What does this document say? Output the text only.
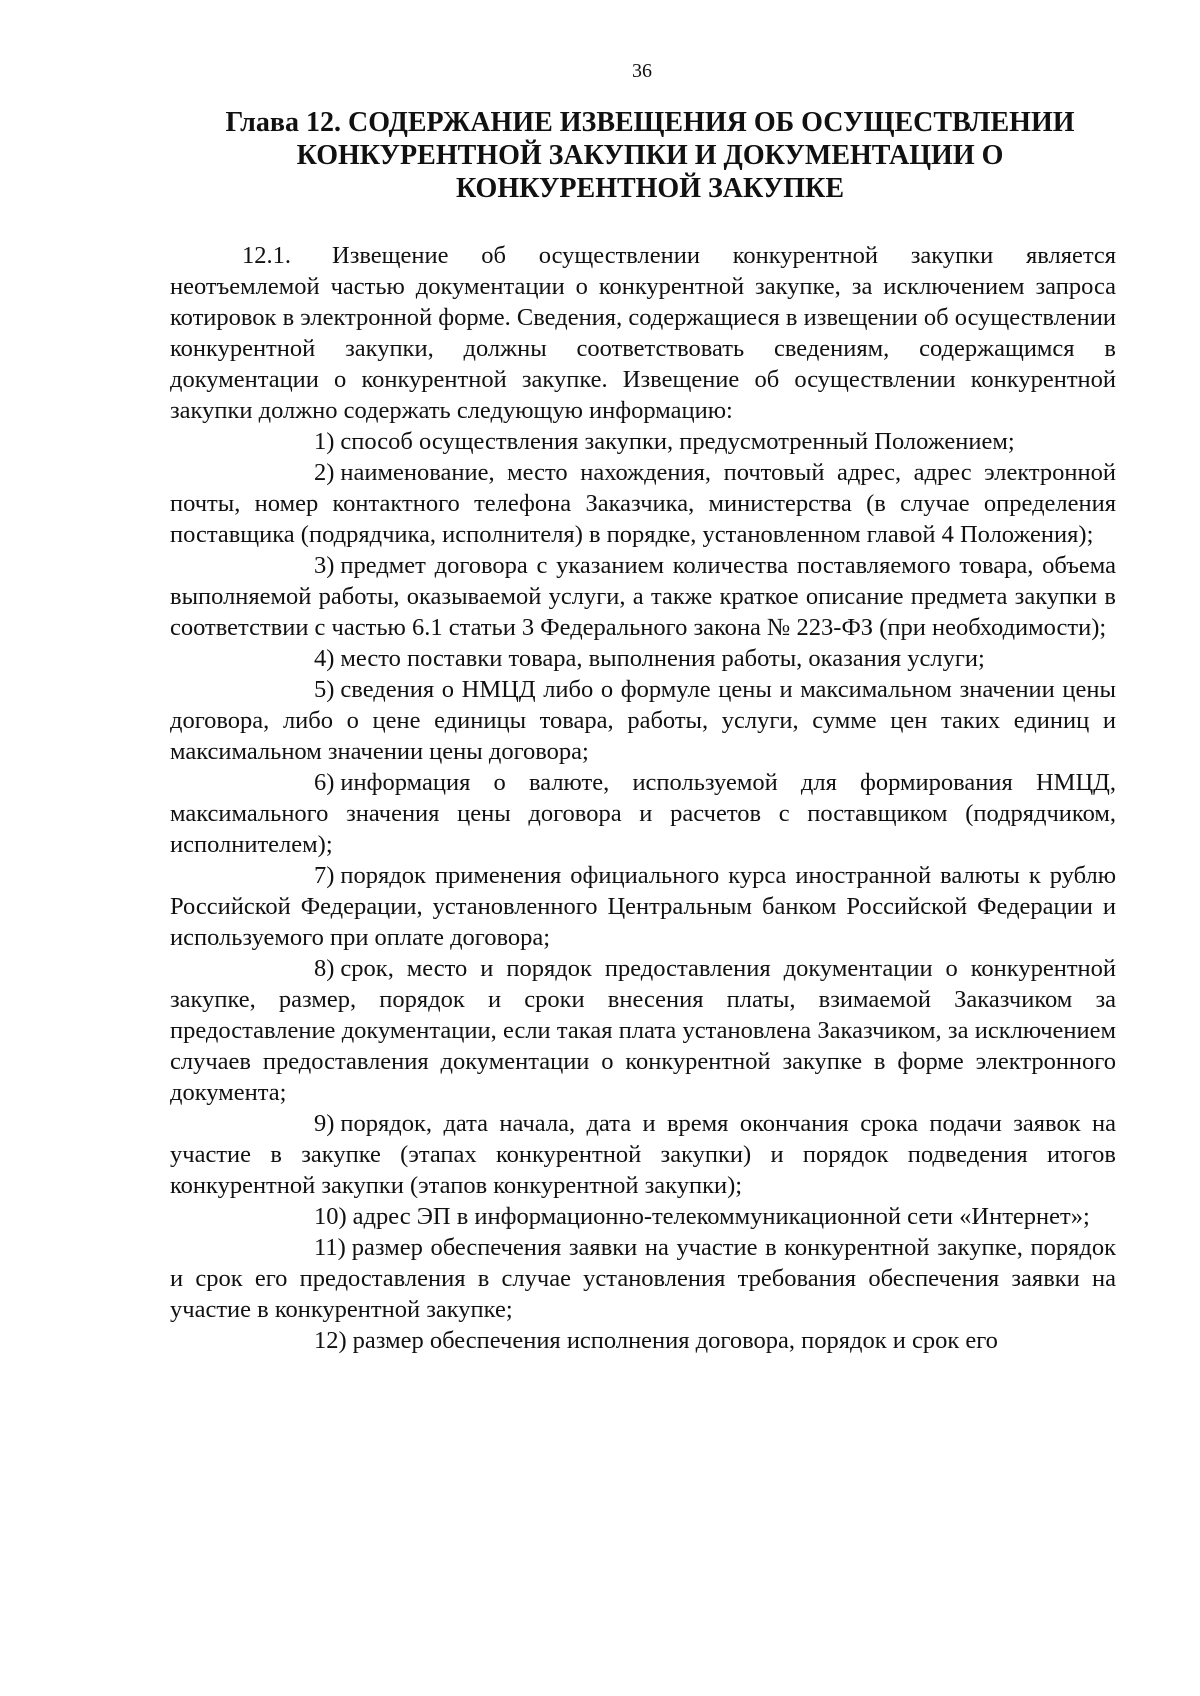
36
Глава 12. СОДЕРЖАНИЕ ИЗВЕЩЕНИЯ ОБ ОСУЩЕСТВЛЕНИИ
КОНКУРЕНТНОЙ ЗАКУПКИ И ДОКУМЕНТАЦИИ О
КОНКУРЕНТНОЙ ЗАКУПКЕ

12.1. Извещение об осуществлении конкурентной закупки является неотъемлемой частью документации о конкурентной закупке, за исключением запроса котировок в электронной форме. Сведения, содержащиеся в извещении об осуществлении конкурентной закупки, должны соответствовать сведениям, содержащимся в документации о конкурентной закупке. Извещение об осуществлении конкурентной закупки должно содержать следующую информацию:

1) способ осуществления закупки, предусмотренный Положением;

2) наименование, место нахождения, почтовый адрес, адрес электронной почты, номер контактного телефона Заказчика, министерства (в случае определения поставщика (подрядчика, исполнителя) в порядке, установленном главой 4 Положения);

3) предмет договора с указанием количества поставляемого товара, объема выполняемой работы, оказываемой услуги, а также краткое описание предмета закупки в соответствии с частью 6.1 статьи 3 Федерального закона № 223-ФЗ (при необходимости);

4) место поставки товара, выполнения работы, оказания услуги;

5) сведения о НМЦД либо о формуле цены и максимальном значении цены договора, либо о цене единицы товара, работы, услуги, сумме цен таких единиц и максимальном значении цены договора;

6) информация о валюте, используемой для формирования НМЦД, максимального значения цены договора и расчетов с поставщиком (подрядчиком, исполнителем);

7) порядок применения официального курса иностранной валюты к рублю Российской Федерации, установленного Центральным банком Российской Федерации и используемого при оплате договора;

8) срок, место и порядок предоставления документации о конкурентной закупке, размер, порядок и сроки внесения платы, взимаемой Заказчиком за предоставление документации, если такая плата установлена Заказчиком, за исключением случаев предоставления документации о конкурентной закупке в форме электронного документа;

9) порядок, дата начала, дата и время окончания срока подачи заявок на участие в закупке (этапах конкурентной закупки) и порядок подведения итогов конкурентной закупки (этапов конкурентной закупки);

10) адрес ЭП в информационно-телекоммуникационной сети «Интернет»;

11) размер обеспечения заявки на участие в конкурентной закупке, порядок и срок его предоставления в случае установления требования обеспечения заявки на участие в конкурентной закупке;

12) размер обеспечения исполнения договора, порядок и срок его
